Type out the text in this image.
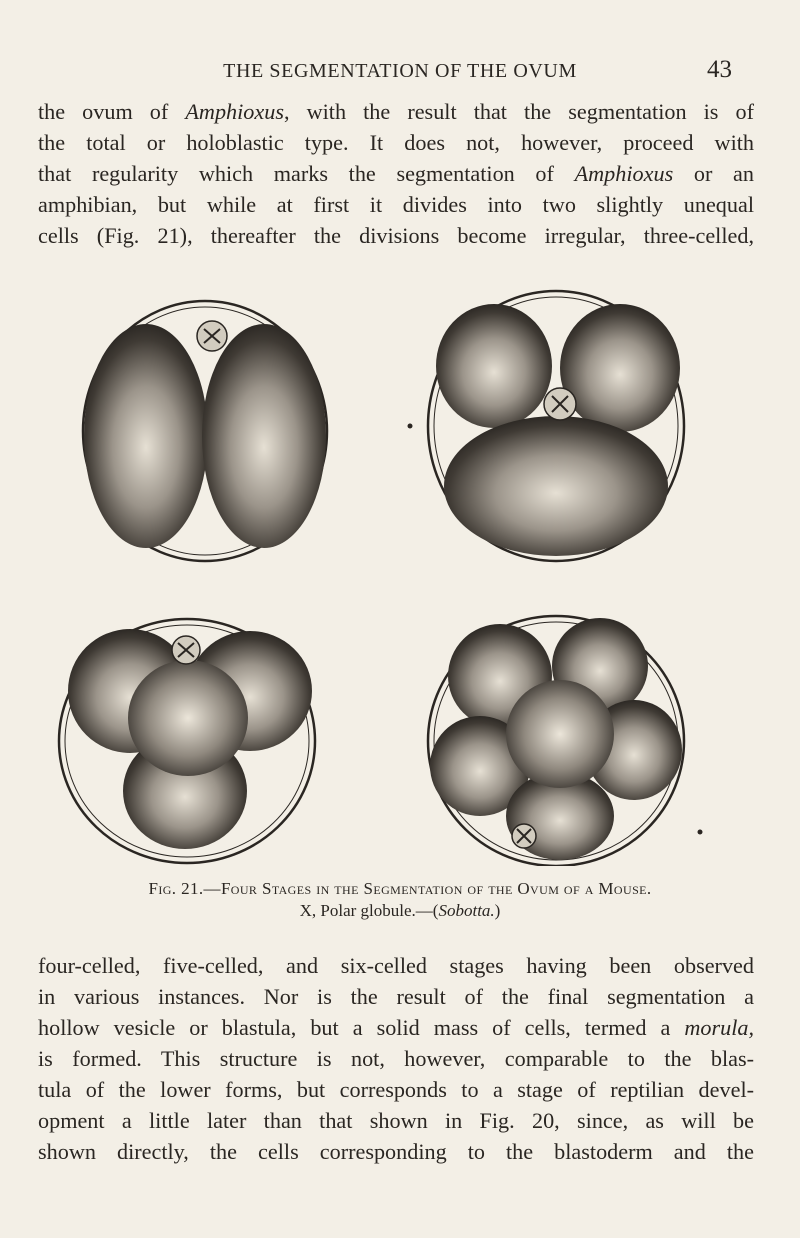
THE SEGMENTATION OF THE OVUM	43
the ovum of Amphioxus, with the result that the segmentation is of
the total or holoblastic type. It does not, however, proceed with
that regularity which marks the segmentation of Amphioxus or an
amphibian, but while at first it divides into two slightly unequal
cells (Fig. 21), thereafter the divisions become irregular, three-celled,
Fig. 21.—Four Stages in the Segmentation of the Ovum of a Mouse.
X, Polar globule.—(Sobotta.)
four-celled, five-celled, and six-celled stages having been observed
in various instances. Nor is the result of the final segmentation a
hollow vesicle or blastula, but a solid mass of cells, termed a morula,
is formed. This structure is not, however, comparable to the blas-
tula of the lower forms, but corresponds to a stage of reptilian devel-
opment a little later than that shown in Fig. 20, since, as will be
shown directly, the cells corresponding to the blastoderm and the
